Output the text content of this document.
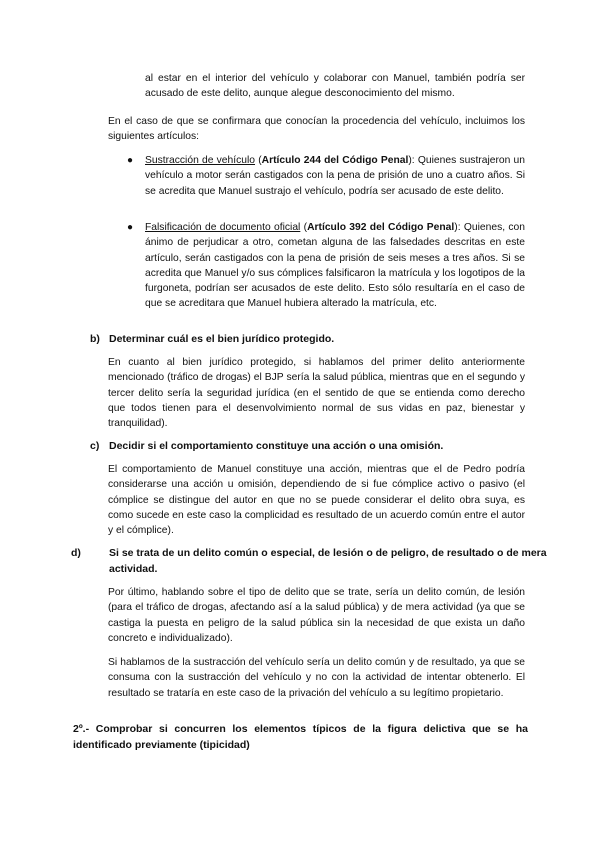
al estar en el interior del vehículo y colaborar con Manuel, también podría ser acusado de este delito, aunque alegue desconocimiento del mismo.

En el caso de que se confirmara que conocían la procedencia del vehículo, incluimos los siguientes artículos:

●	Sustracción de vehículo (Artículo 244 del Código Penal): Quienes sustrajeron un vehículo a motor serán castigados con la pena de prisión de uno a cuatro años. Si se acredita que Manuel sustrajo el vehículo, podría ser acusado de este delito.

●	Falsificación de documento oficial (Artículo 392 del Código Penal): Quienes, con ánimo de perjudicar a otro, cometan alguna de las falsedades descritas en este artículo, serán castigados con la pena de prisión de seis meses a tres años. Si se acredita que Manuel y/o sus cómplices falsificaron la matrícula y los logotipos de la furgoneta, podrían ser acusados de este delito. Esto sólo resultaría en el caso de que se acreditara que Manuel hubiera alterado la matrícula, etc.

b) Determinar cuál es el bien jurídico protegido.

En cuanto al bien jurídico protegido, si hablamos del primer delito anteriormente mencionado (tráfico de drogas) el BJP sería la salud pública, mientras que en el segundo y tercer delito sería la seguridad jurídica (en el sentido de que se entienda como derecho que todos tienen para el desenvolvimiento normal de sus vidas en paz, bienestar y tranquilidad).

c) Decidir si el comportamiento constituye una acción o una omisión.

El comportamiento de Manuel constituye una acción, mientras que el de Pedro podría considerarse una acción u omisión, dependiendo de si fue cómplice activo o pasivo (el cómplice se distingue del autor en que no se puede considerar el delito obra suya, es como sucede en este caso la complicidad es resultado de un acuerdo común entre el autor y el cómplice).

d)	Si se trata de un delito común o especial, de lesión o de peligro, de resultado o de mera actividad.

Por último, hablando sobre el tipo de delito que se trate, sería un delito común, de lesión (para el tráfico de drogas, afectando así a la salud pública) y de mera actividad (ya que se castiga la puesta en peligro de la salud pública sin la necesidad de que exista un daño concreto e individualizado).

Si hablamos de la sustracción del vehículo sería un delito común y de resultado, ya que se consuma con la sustracción del vehículo y no con la actividad de intentar obtenerlo. El resultado se trataría en este caso de la privación del vehículo a su legítimo propietario.

2º.- Comprobar si concurren los elementos típicos de la figura delictiva que se ha identificado previamente (tipicidad)
